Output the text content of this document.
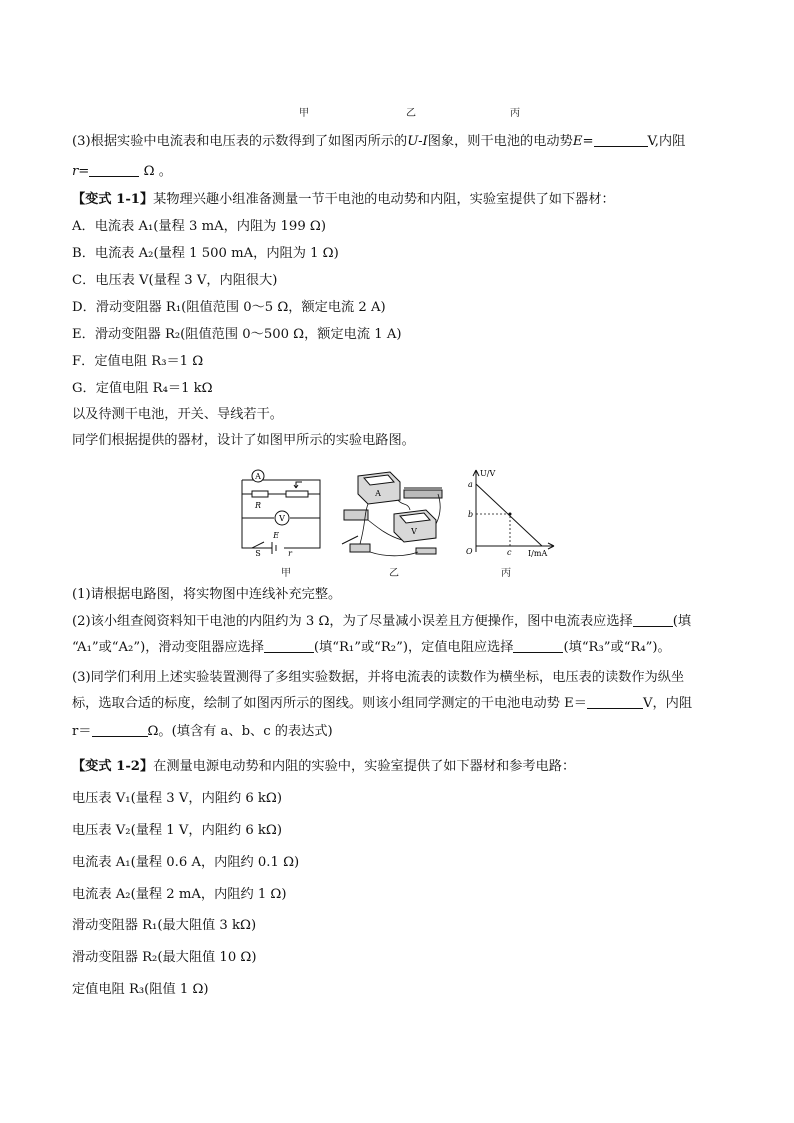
甲	乙	丙
(3)根据实验中电流表和电压表的示数得到了如图丙所示的U-I图象，则干电池的电动势E=	V,内阻
r=	Ω 。
【变式 1-1】某物理兴趣小组准备测量一节干电池的电动势和内阻，实验室提供了如下器材：
A．电流表 A₁(量程 3 mA，内阻为 199 Ω)
B．电流表 A₂(量程 1 500 mA，内阻为 1 Ω)
C．电压表 V(量程 3 V，内阻很大)
D．滑动变阻器 R₁(阻值范围 0～5 Ω，额定电流 2 A)
E．滑动变阻器 R₂(阻值范围 0～500 Ω，额定电流 1 A)
F．定值电阻 R₃＝1 Ω
G．定值电阻 R₄＝1 kΩ
以及待测干电池，开关、导线若干。
同学们根据提供的器材，设计了如图甲所示的实验电路图。
A
R
V
S
E
r
A
V
U/V
a
b
c
O	I/mA
甲	乙	丙
(1)请根据电路图，将实物图中连线补充完整。
(2)该小组查阅资料知干电池的内阻约为 3 Ω，为了尽量减小误差且方便操作，图中电流表应选择	(填
“A₁”或“A₂”)，滑动变阻器应选择	(填“R₁”或“R₂”)，定值电阻应选择	(填“R₃”或“R₄”)。
(3)同学们利用上述实验装置测得了多组实验数据，并将电流表的读数作为横坐标，电压表的读数作为纵坐
标，选取合适的标度，绘制了如图丙所示的图线。则该小组同学测定的干电池电动势 E＝	V，内阻
r＝	Ω。(填含有 a、b、c 的表达式)
【变式 1-2】在测量电源电动势和内阻的实验中，实验室提供了如下器材和参考电路：
电压表 V₁(量程 3 V，内阻约 6 kΩ)
电压表 V₂(量程 1 V，内阻约 6 kΩ)
电流表 A₁(量程 0.6 A，内阻约 0.1 Ω)
电流表 A₂(量程 2 mA，内阻约 1 Ω)
滑动变阻器 R₁(最大阻值 3 kΩ)
滑动变阻器 R₂(最大阻值 10 Ω)
定值电阻 R₃(阻值 1 Ω)
